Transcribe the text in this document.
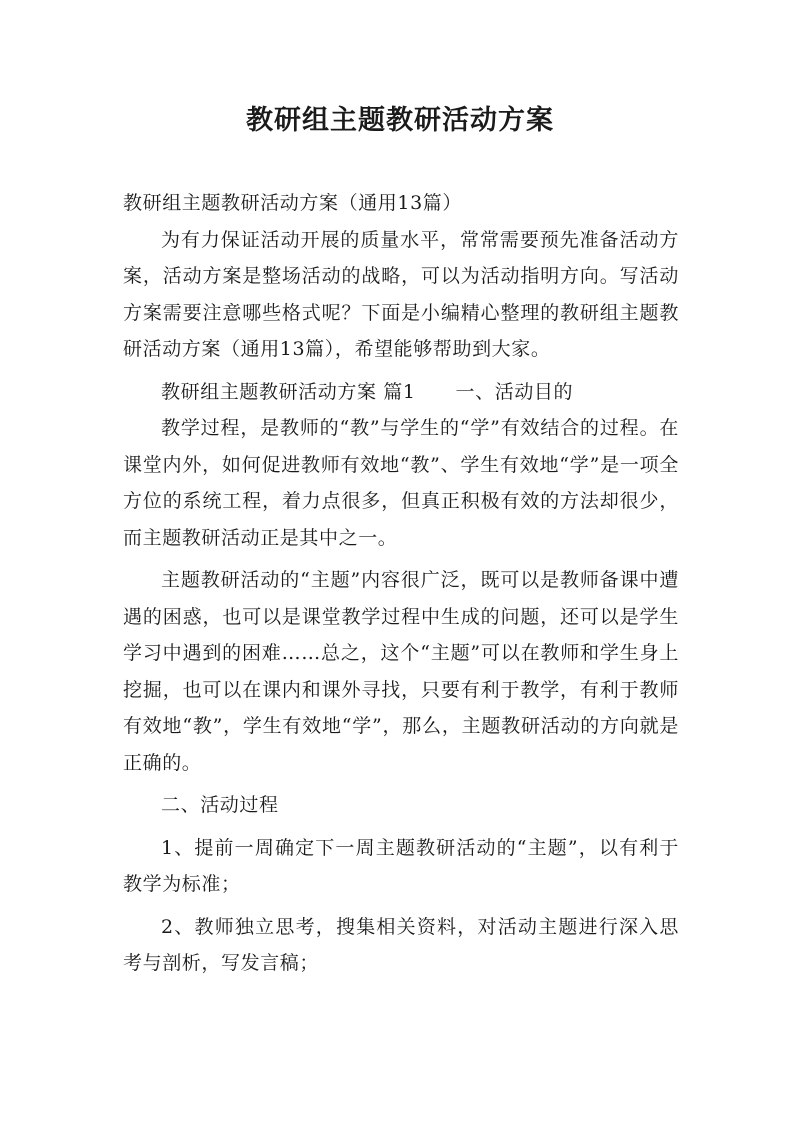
教研组主题教研活动方案

教研组主题教研活动方案（通用13篇）

为有力保证活动开展的质量水平，常常需要预先准备活动方案，活动方案是整场活动的战略，可以为活动指明方向。写活动方案需要注意哪些格式呢？下面是小编精心整理的教研组主题教研活动方案（通用13篇），希望能够帮助到大家。

教研组主题教研活动方案 篇1 一、活动目的

教学过程，是教师的“教”与学生的“学”有效结合的过程。在课堂内外，如何促进教师有效地“教”、学生有效地“学”是一项全方位的系统工程，着力点很多，但真正积极有效的方法却很少，而主题教研活动正是其中之一。

主题教研活动的“主题”内容很广泛，既可以是教师备课中遭遇的困惑，也可以是课堂教学过程中生成的问题，还可以是学生学习中遇到的困难……总之，这个“主题”可以在教师和学生身上挖掘，也可以在课内和课外寻找，只要有利于教学，有利于教师有效地“教”，学生有效地“学”，那么，主题教研活动的方向就是正确的。

二、活动过程

1、提前一周确定下一周主题教研活动的“主题”，以有利于教学为标准；

2、教师独立思考，搜集相关资料，对活动主题进行深入思考与剖析，写发言稿；
